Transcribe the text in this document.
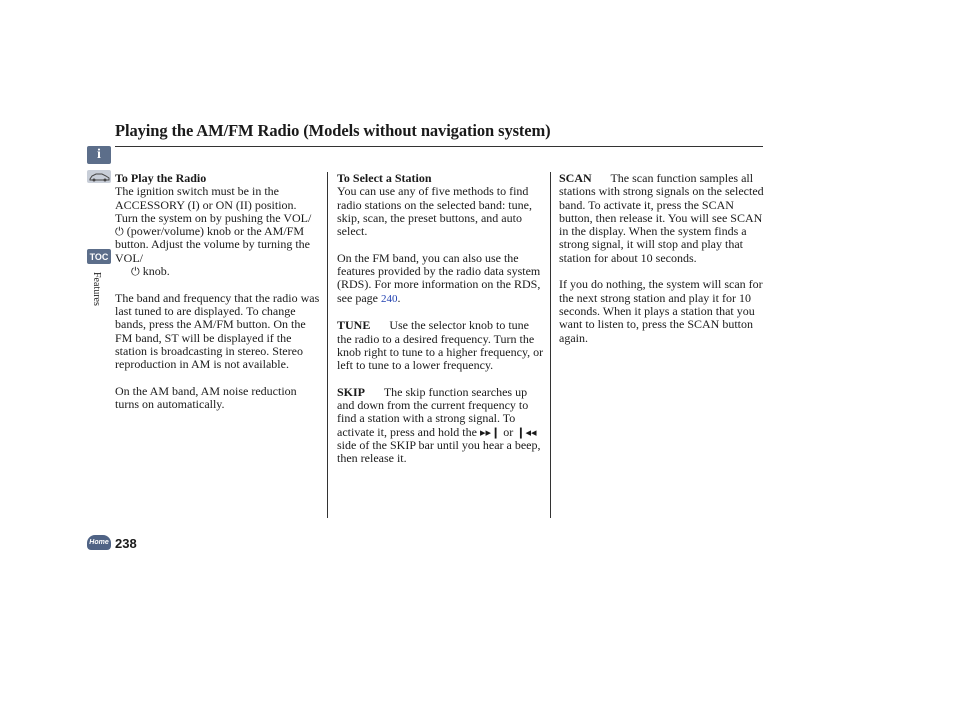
Playing the AM/FM Radio (Models without navigation system)
i
TOC
Features
Home
To Play the Radio

The ignition switch must be in the ACCESSORY (I) or ON (II) position. Turn the system on by pushing the VOL/ ⏻ (power/volume) knob or the AM/FM button. Adjust the volume by turning the VOL/
⏻ knob.

The band and frequency that the radio was last tuned to are displayed. To change bands, press the AM/FM button. On the FM band, ST will be displayed if the station is broadcasting in stereo. Stereo reproduction in AM is not available.

On the AM band, AM noise reduction turns on automatically.

To Select a Station

You can use any of five methods to find radio stations on the selected band: tune, skip, scan, the preset buttons, and auto select.

On the FM band, you can also use the features provided by the radio data system (RDS). For more information on the RDS, see page 240.

TUNE Use the selector knob to tune the radio to a desired frequency. Turn the knob right to tune to a higher frequency, or left to tune to a lower frequency.

SKIP The skip function searches up and down from the current frequency to find a station with a strong signal. To activate it, press and hold the ▸▸❙ or ❙◂◂ side of the SKIP bar until you hear a beep, then release it.

SCAN The scan function samples all stations with strong signals on the selected band. To activate it, press the SCAN button, then release it. You will see SCAN in the display. When the system finds a strong signal, it will stop and play that station for about 10 seconds.

If you do nothing, the system will scan for the next strong station and play it for 10 seconds. When it plays a station that you want to listen to, press the SCAN button again.

238
